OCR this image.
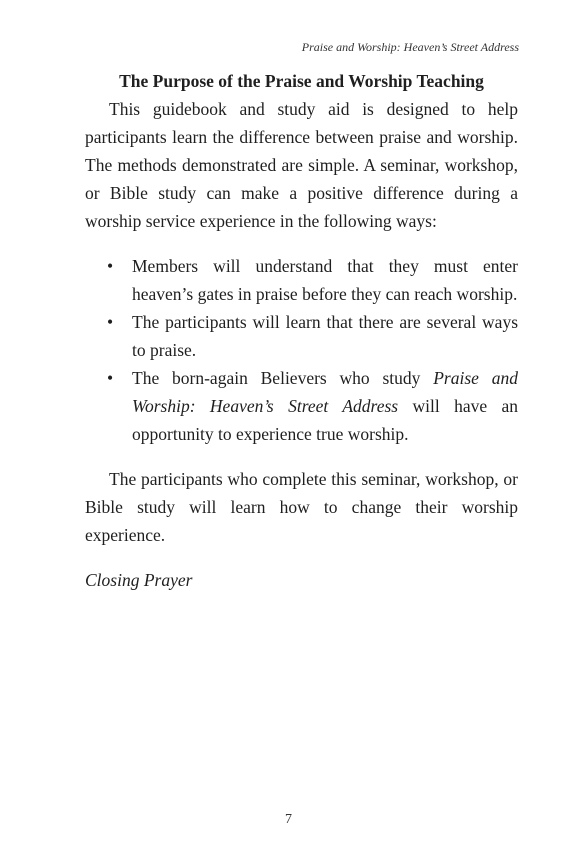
Praise and Worship: Heaven’s Street Address
The Purpose of the Praise and Worship Teaching

This guidebook and study aid is designed to help participants learn the difference between praise and worship. The methods demonstrated are simple. A seminar, workshop, or Bible study can make a positive difference during a worship service experience in the following ways:

• Members will understand that they must enter heaven’s gates in praise before they can reach worship.
• The participants will learn that there are several ways to praise.
• The born-again Believers who study Praise and Worship: Heaven’s Street Address will have an opportunity to experience true worship.

The participants who complete this seminar, workshop, or Bible study will learn how to change their worship experience.

Closing Prayer

7
